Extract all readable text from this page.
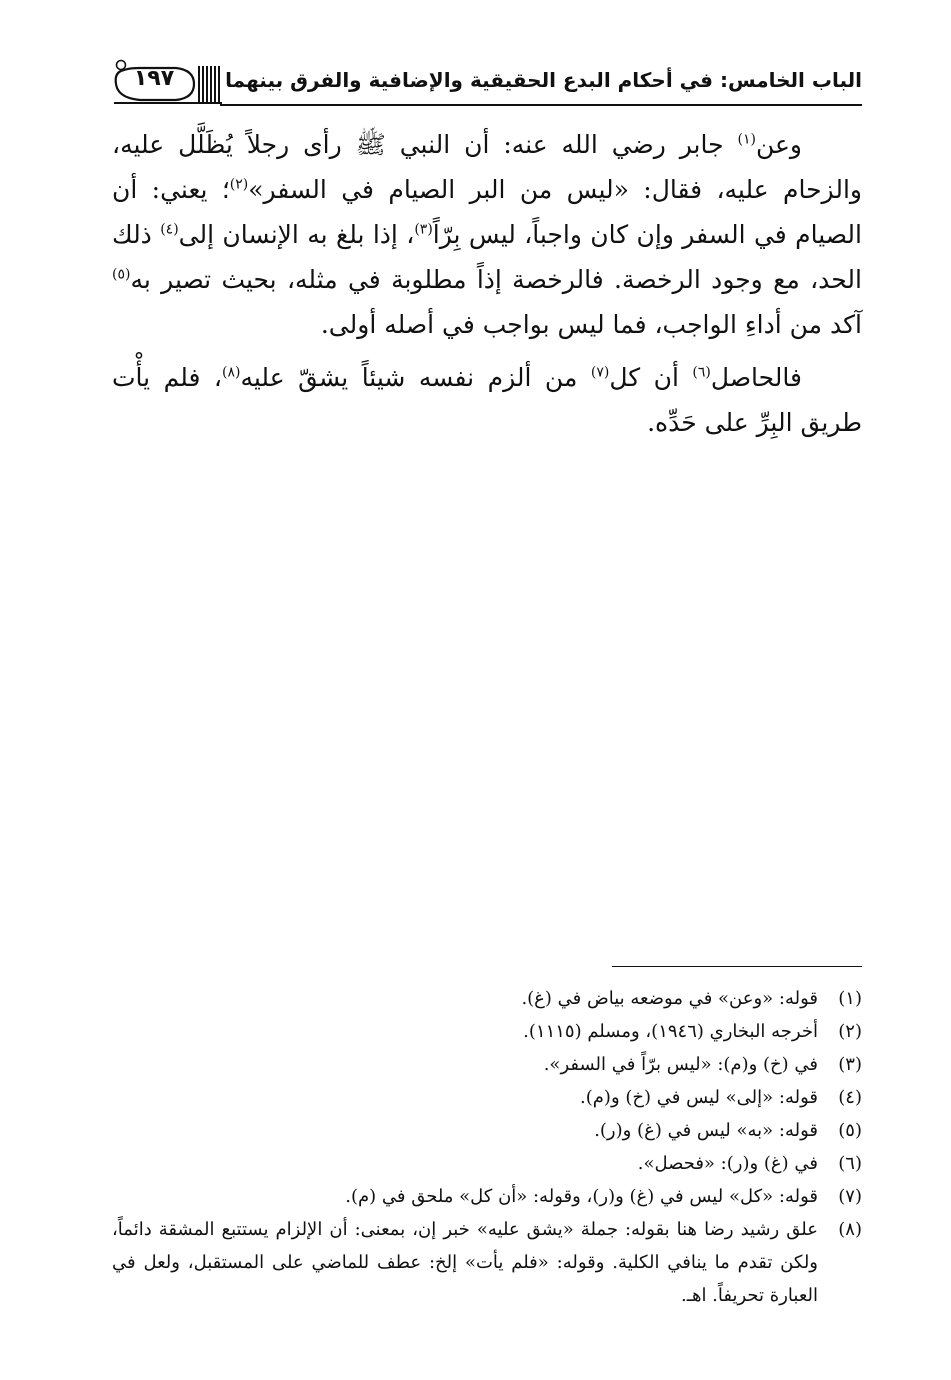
الباب الخامس: في أحكام البدع الحقيقية والإضافية والفرق بينهما
١٩٧

وعن$^{(١)}$ جابر رضي الله عنه: أن النبي ﷺ رأى رجلاً يُظَلَّل عليه، والزحام عليه، فقال: «ليس من البر الصيام في السفر»$^{(٢)}$؛ يعني: أن الصيام في السفر وإن كان واجباً، ليس بِرّاً$^{(٣)}$، إذا بلغ به الإنسان إلى$^{(٤)}$ ذلك الحد، مع وجود الرخصة. فالرخصة إذاً مطلوبة في مثله، بحيث تصير به$^{(٥)}$ آكد من أداءِ الواجب، فما ليس بواجب في أصله أولى.

فالحاصل$^{(٦)}$ أن كل$^{(٧)}$ من ألزم نفسه شيئاً يشقّ عليه$^{(٨)}$، فلم يأْت طريق البِرِّ على حَدِّه.

(١)
قوله: «وعن» في موضعه بياض في (غ).
(٢)
أخرجه البخاري (١٩٤٦)، ومسلم (١١١٥).
(٣)
في (خ) و(م): «ليس برّاً في السفر».
(٤)
قوله: «إلى» ليس في (خ) و(م).
(٥)
قوله: «به» ليس في (غ) و(ر).
(٦)
في (غ) و(ر): «فحصل».
(٧)
قوله: «كل» ليس في (غ) و(ر)، وقوله: «أن كل» ملحق في (م).
(٨)
علق رشيد رضا هنا بقوله: جملة «يشق عليه» خبر إن، بمعنى: أن الإلزام يستتبع المشقة دائماً، ولكن تقدم ما ينافي الكلية. وقوله: «فلم يأت» إلخ: عطف للماضي على المستقبل، ولعل في العبارة تحريفاً. اهـ.
